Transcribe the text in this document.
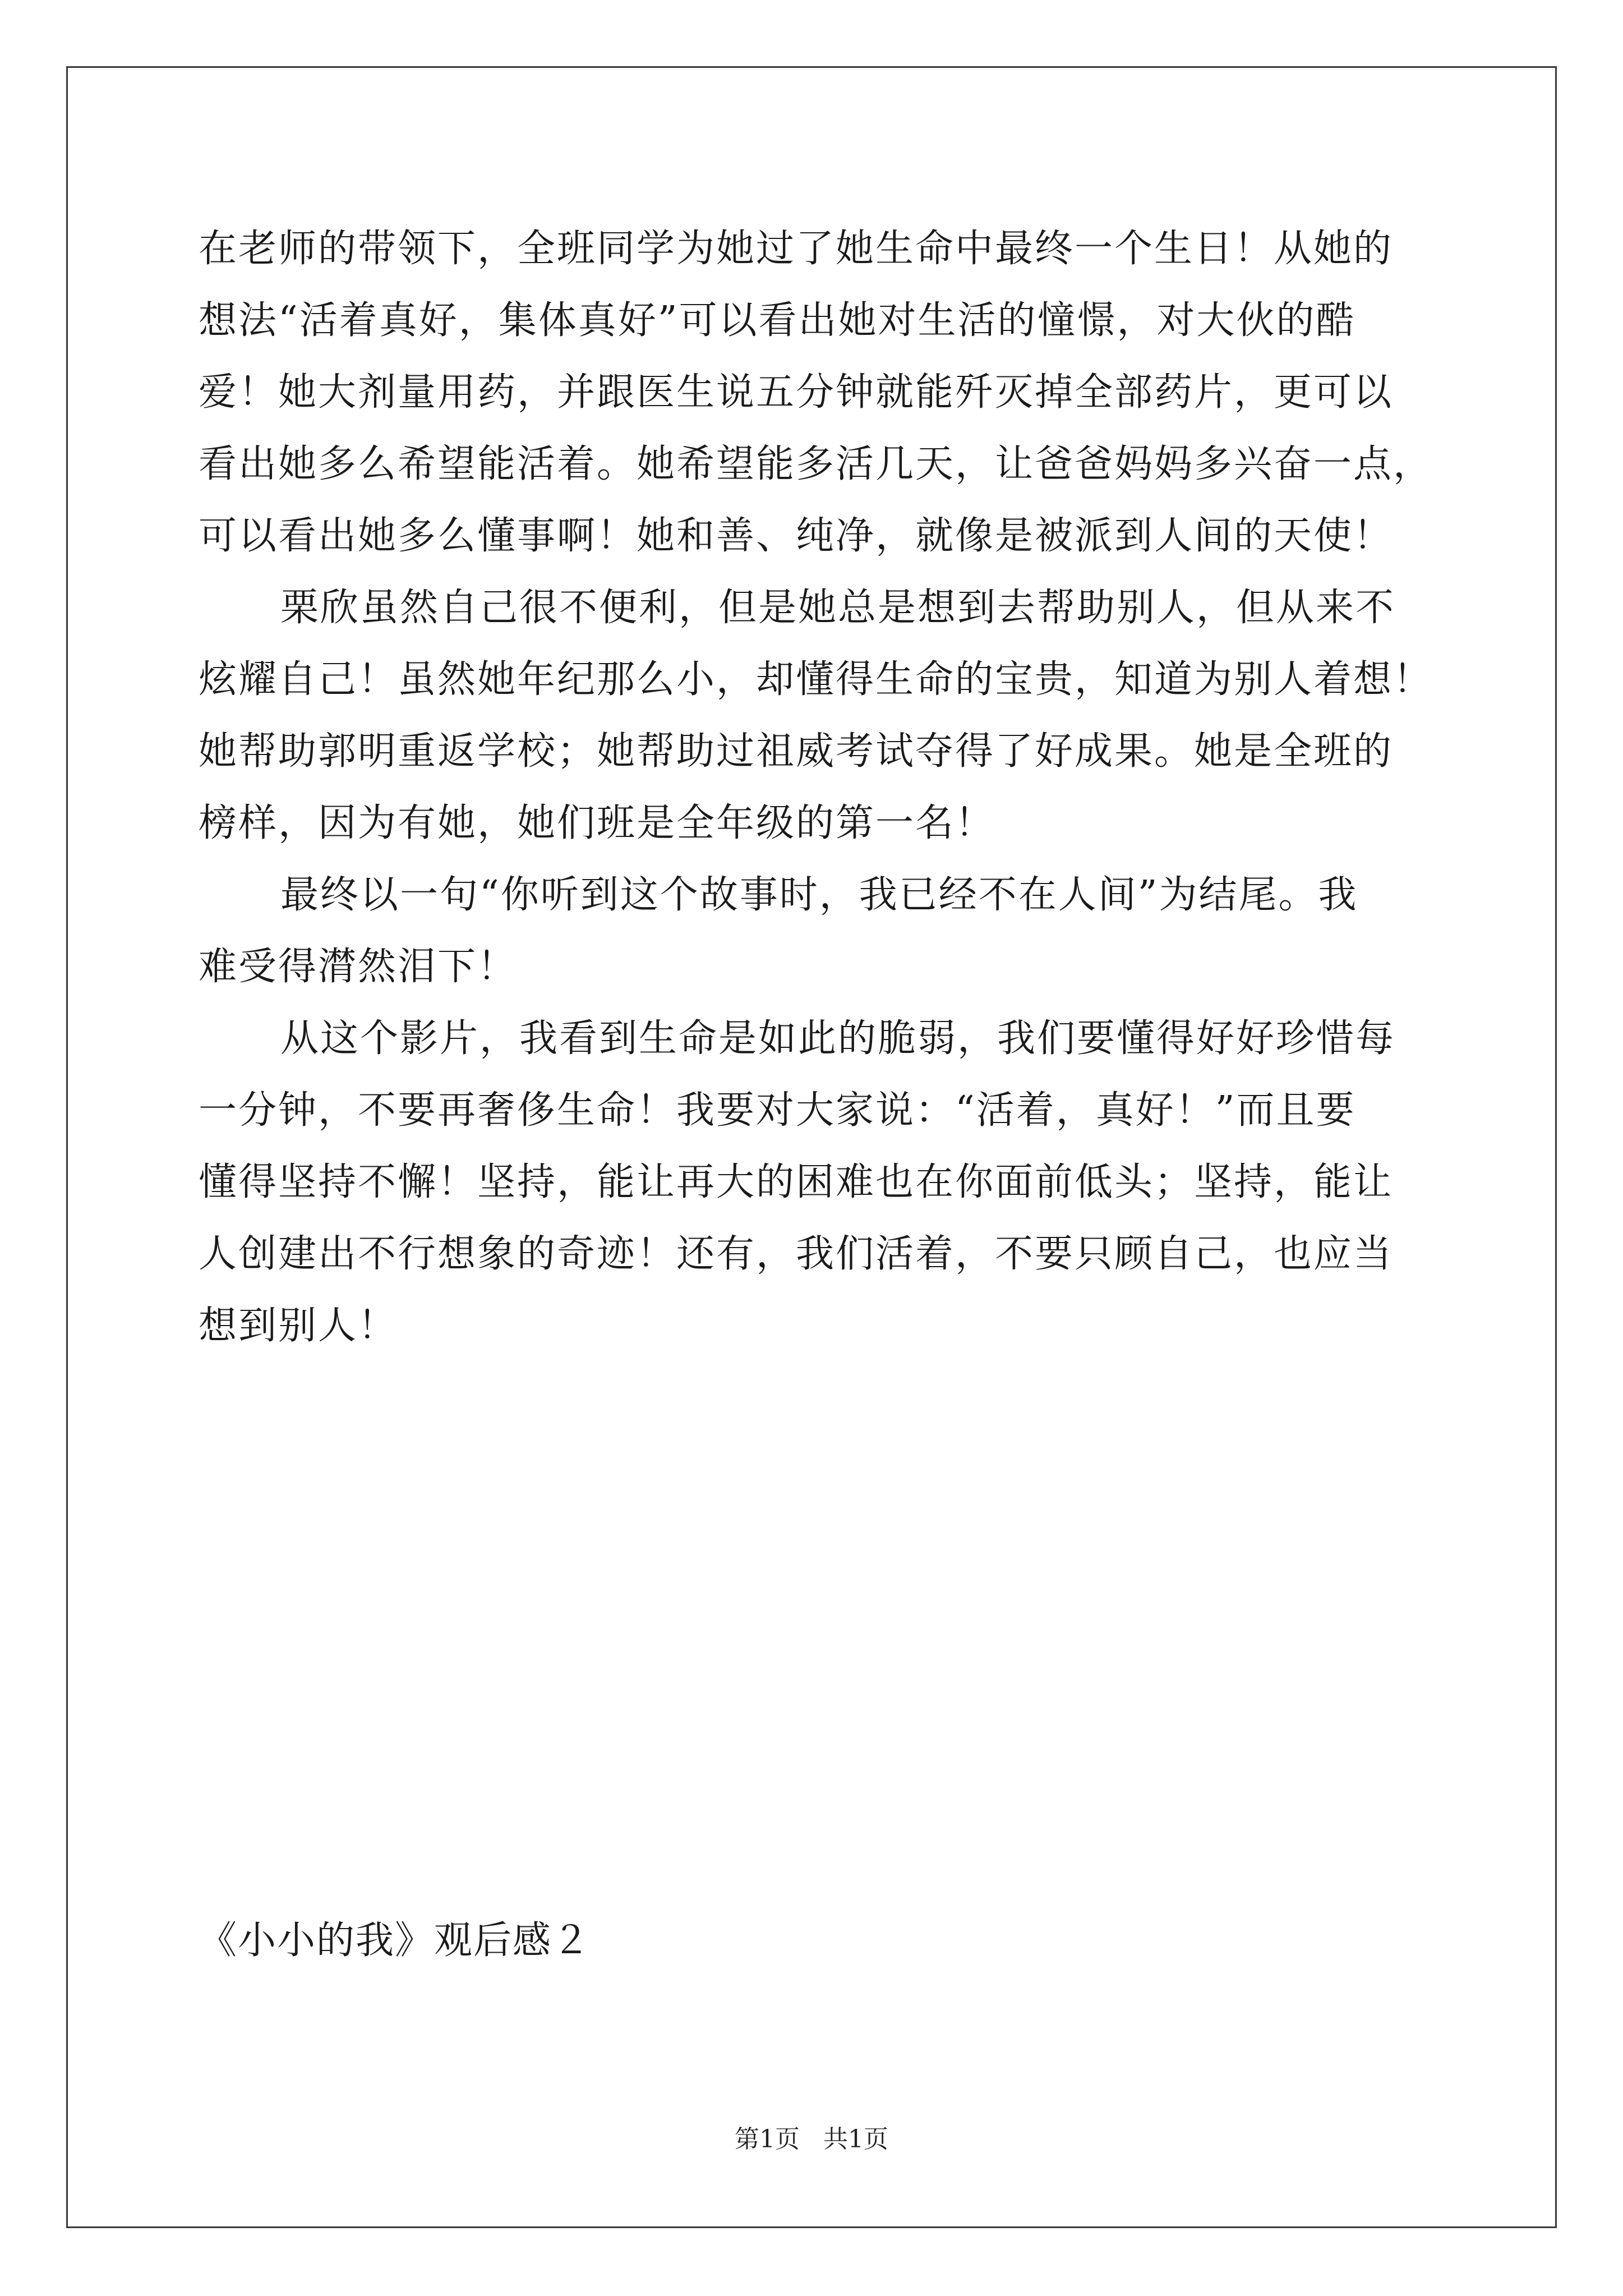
在老师的带领下，全班同学为她过了她生命中最终一个生日！从她的
想法“活着真好，集体真好”可以看出她对生活的憧憬，对大伙的酷
爱！她大剂量用药，并跟医生说五分钟就能歼灭掉全部药片，更可以
看出她多么希望能活着。她希望能多活几天，让爸爸妈妈多兴奋一点，
可以看出她多么懂事啊！她和善、纯净，就像是被派到人间的天使！
栗欣虽然自己很不便利，但是她总是想到去帮助别人，但从来不
炫耀自己！虽然她年纪那么小，却懂得生命的宝贵，知道为别人着想！
她帮助郭明重返学校；她帮助过祖威考试夺得了好成果。她是全班的
榜样，因为有她，她们班是全年级的第一名！
最终以一句“你听到这个故事时，我已经不在人间”为结尾。我
难受得潸然泪下！
从这个影片，我看到生命是如此的脆弱，我们要懂得好好珍惜每
一分钟，不要再奢侈生命！我要对大家说：“活着，真好！”而且要
懂得坚持不懈！坚持，能让再大的困难也在你面前低头；坚持，能让
人创建出不行想象的奇迹！还有，我们活着，不要只顾自己，也应当
想到别人！
《小小的我》观后感２
第1页 共1页
